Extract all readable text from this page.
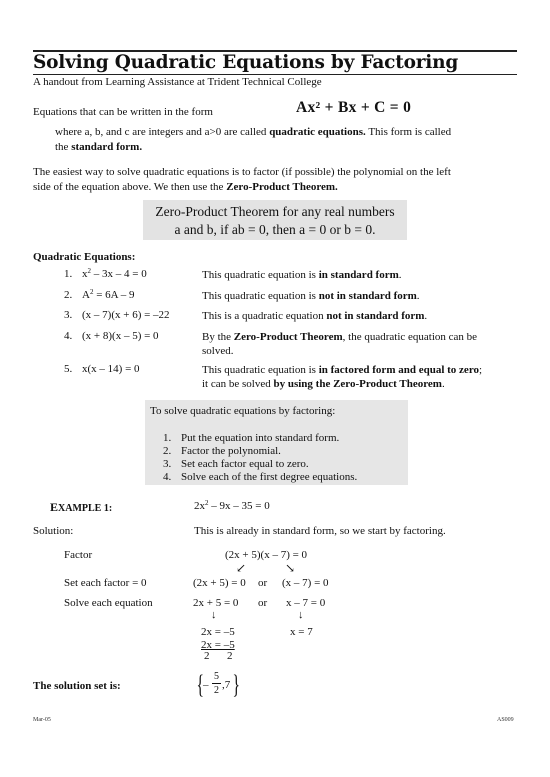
Solving Quadratic Equations by Factoring
A handout from Learning Assistance at Trident Technical College
Equations that can be written in the form	Ax² + Bx + C = 0
where a, b, and c are integers and a>0 are called quadratic equations. This form is called
the standard form.
The easiest way to solve quadratic equations is to factor (if possible) the polynomial on the left
side of the equation above. We then use the Zero-Product Theorem.
Zero-Product Theorem for any real numbers
a and b, if ab = 0, then a = 0 or b = 0.
Quadratic Equations:
1. $x^2 - 3x - 4 = 0$	This quadratic equation is in standard form.
2. $A^2 = 6A - 9$	This quadratic equation is not in standard form.
3. (x – 7)(x + 6) = –22	This is a quadratic equation not in standard form.
4. (x + 8)(x – 5) = 0	By the Zero-Product Theorem, the quadratic equation can be
solved.
5. x(x – 14) = 0	This quadratic equation is in factored form and equal to zero;
it can be solved by using the Zero-Product Theorem.
To solve quadratic equations by factoring:
1. Put the equation into standard form.
2. Factor the polynomial.
3. Set each factor equal to zero.
4. Solve each of the first degree equations.
EXAMPLE 1:	$2x^2 - 9x - 35 = 0$
Solution:	This is already in standard form, so we start by factoring.
Factor	(2x + 5)(x – 7) = 0
↙	↘
Set each factor = 0	(2x + 5) = 0 or (x – 7) = 0
Solve each equation	2x + 5 = 0 or x – 7 = 0
↓	↓
2x = –5	x = 7
2x = –5
2 2
The solution set is:	{ –
5
2 ,7 }
Mar-05	AS009
